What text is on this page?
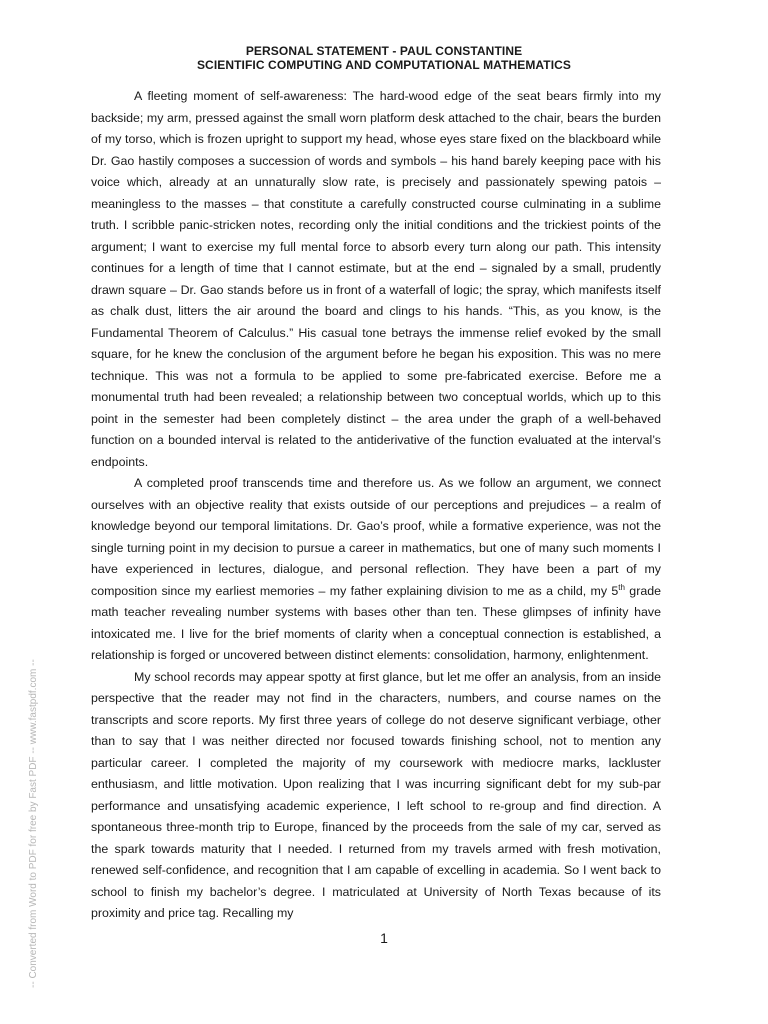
PERSONAL STATEMENT - PAUL CONSTANTINE
SCIENTIFIC COMPUTING AND COMPUTATIONAL MATHEMATICS

A fleeting moment of self-awareness: The hard-wood edge of the seat bears firmly into my backside; my arm, pressed against the small worn platform desk attached to the chair, bears the burden of my torso, which is frozen upright to support my head, whose eyes stare fixed on the blackboard while Dr. Gao hastily composes a succession of words and symbols – his hand barely keeping pace with his voice which, already at an unnaturally slow rate, is precisely and passionately spewing patois – meaningless to the masses – that constitute a carefully constructed course culminating in a sublime truth. I scribble panic-stricken notes, recording only the initial conditions and the trickiest points of the argument; I want to exercise my full mental force to absorb every turn along our path. This intensity continues for a length of time that I cannot estimate, but at the end – signaled by a small, prudently drawn square – Dr. Gao stands before us in front of a waterfall of logic; the spray, which manifests itself as chalk dust, litters the air around the board and clings to his hands. “This, as you know, is the Fundamental Theorem of Calculus.” His casual tone betrays the immense relief evoked by the small square, for he knew the conclusion of the argument before he began his exposition. This was no mere technique. This was not a formula to be applied to some pre-fabricated exercise. Before me a monumental truth had been revealed; a relationship between two conceptual worlds, which up to this point in the semester had been completely distinct – the area under the graph of a well-behaved function on a bounded interval is related to the antiderivative of the function evaluated at the interval’s endpoints.

A completed proof transcends time and therefore us. As we follow an argument, we connect ourselves with an objective reality that exists outside of our perceptions and prejudices – a realm of knowledge beyond our temporal limitations. Dr. Gao’s proof, while a formative experience, was not the single turning point in my decision to pursue a career in mathematics, but one of many such moments I have experienced in lectures, dialogue, and personal reflection. They have been a part of my composition since my earliest memories – my father explaining division to me as a child, my 5th grade math teacher revealing number systems with bases other than ten. These glimpses of infinity have intoxicated me. I live for the brief moments of clarity when a conceptual connection is established, a relationship is forged or uncovered between distinct elements: consolidation, harmony, enlightenment.

My school records may appear spotty at first glance, but let me offer an analysis, from an inside perspective that the reader may not find in the characters, numbers, and course names on the transcripts and score reports. My first three years of college do not deserve significant verbiage, other than to say that I was neither directed nor focused towards finishing school, not to mention any particular career. I completed the majority of my coursework with mediocre marks, lackluster enthusiasm, and little motivation. Upon realizing that I was incurring significant debt for my sub-par performance and unsatisfying academic experience, I left school to re-group and find direction. A spontaneous three-month trip to Europe, financed by the proceeds from the sale of my car, served as the spark towards maturity that I needed. I returned from my travels armed with fresh motivation, renewed self-confidence, and recognition that I am capable of excelling in academia. So I went back to school to finish my bachelor’s degree. I matriculated at University of North Texas because of its proximity and price tag. Recalling my

1
-- Converted from Word to PDF for free by Fast PDF -- www.fastpdf.com --
